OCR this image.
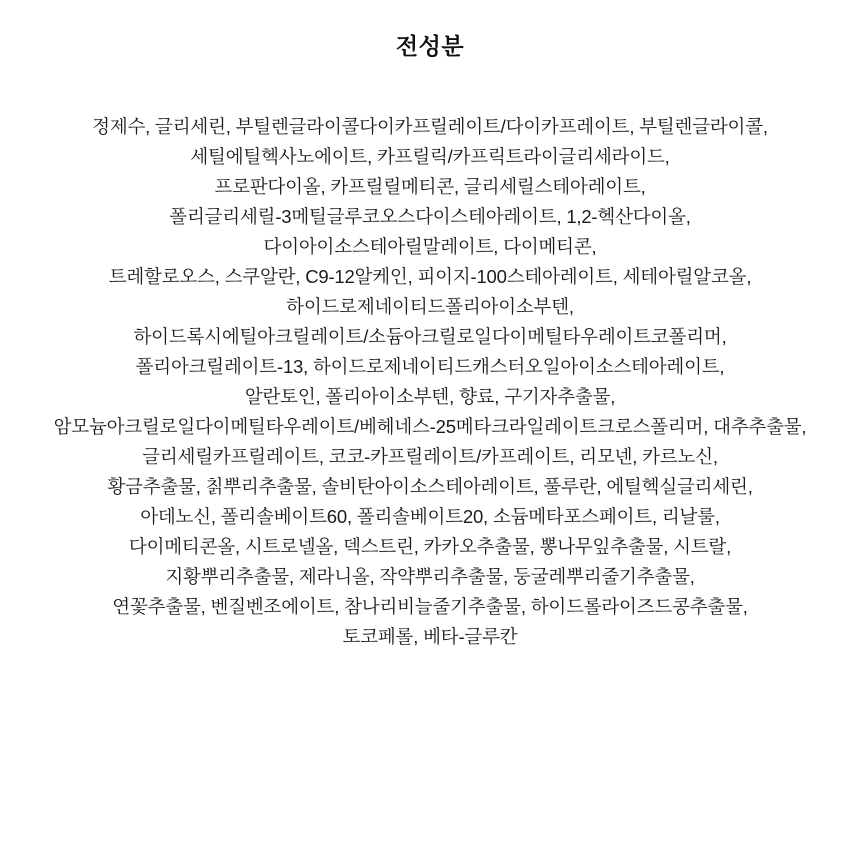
전성분
정제수, 글리세린, 부틸렌글라이콜다이카프릴레이트/다이카프레이트, 부틸렌글라이콜,
세틸에틸헥사노에이트, 카프릴릭/카프릭트라이글리세라이드,
프로판다이올, 카프릴릴메티콘, 글리세릴스테아레이트,
폴리글리세릴-3메틸글루코오스다이스테아레이트, 1,2-헥산다이올,
다이아이소스테아릴말레이트, 다이메티콘,
트레할로오스, 스쿠알란, C9-12알케인, 피이지-100스테아레이트, 세테아릴알코올,
하이드로제네이티드폴리아이소부텐,
하이드록시에틸아크릴레이트/소듐아크릴로일다이메틸타우레이트코폴리머,
폴리아크릴레이트-13, 하이드로제네이티드캐스터오일아이소스테아레이트,
알란토인, 폴리아이소부텐, 향료, 구기자추출물,
암모늄아크릴로일다이메틸타우레이트/베헤네스-25메타크라일레이트크로스폴리머, 대추추출물,
글리세릴카프릴레이트, 코코-카프릴레이트/카프레이트, 리모넨, 카르노신,
황금추출물, 칡뿌리추출물, 솔비탄아이소스테아레이트, 풀루란, 에틸헥실글리세린,
아데노신, 폴리솔베이트60, 폴리솔베이트20, 소듐메타포스페이트, 리날룰,
다이메티콘올, 시트로넬올, 덱스트린, 카카오추출물, 뽕나무잎추출물, 시트랄,
지황뿌리추출물, 제라니올, 작약뿌리추출물, 둥굴레뿌리줄기추출물,
연꽃추출물, 벤질벤조에이트, 참나리비늘줄기추출물, 하이드롤라이즈드콩추출물,
토코페롤, 베타-글루칸
